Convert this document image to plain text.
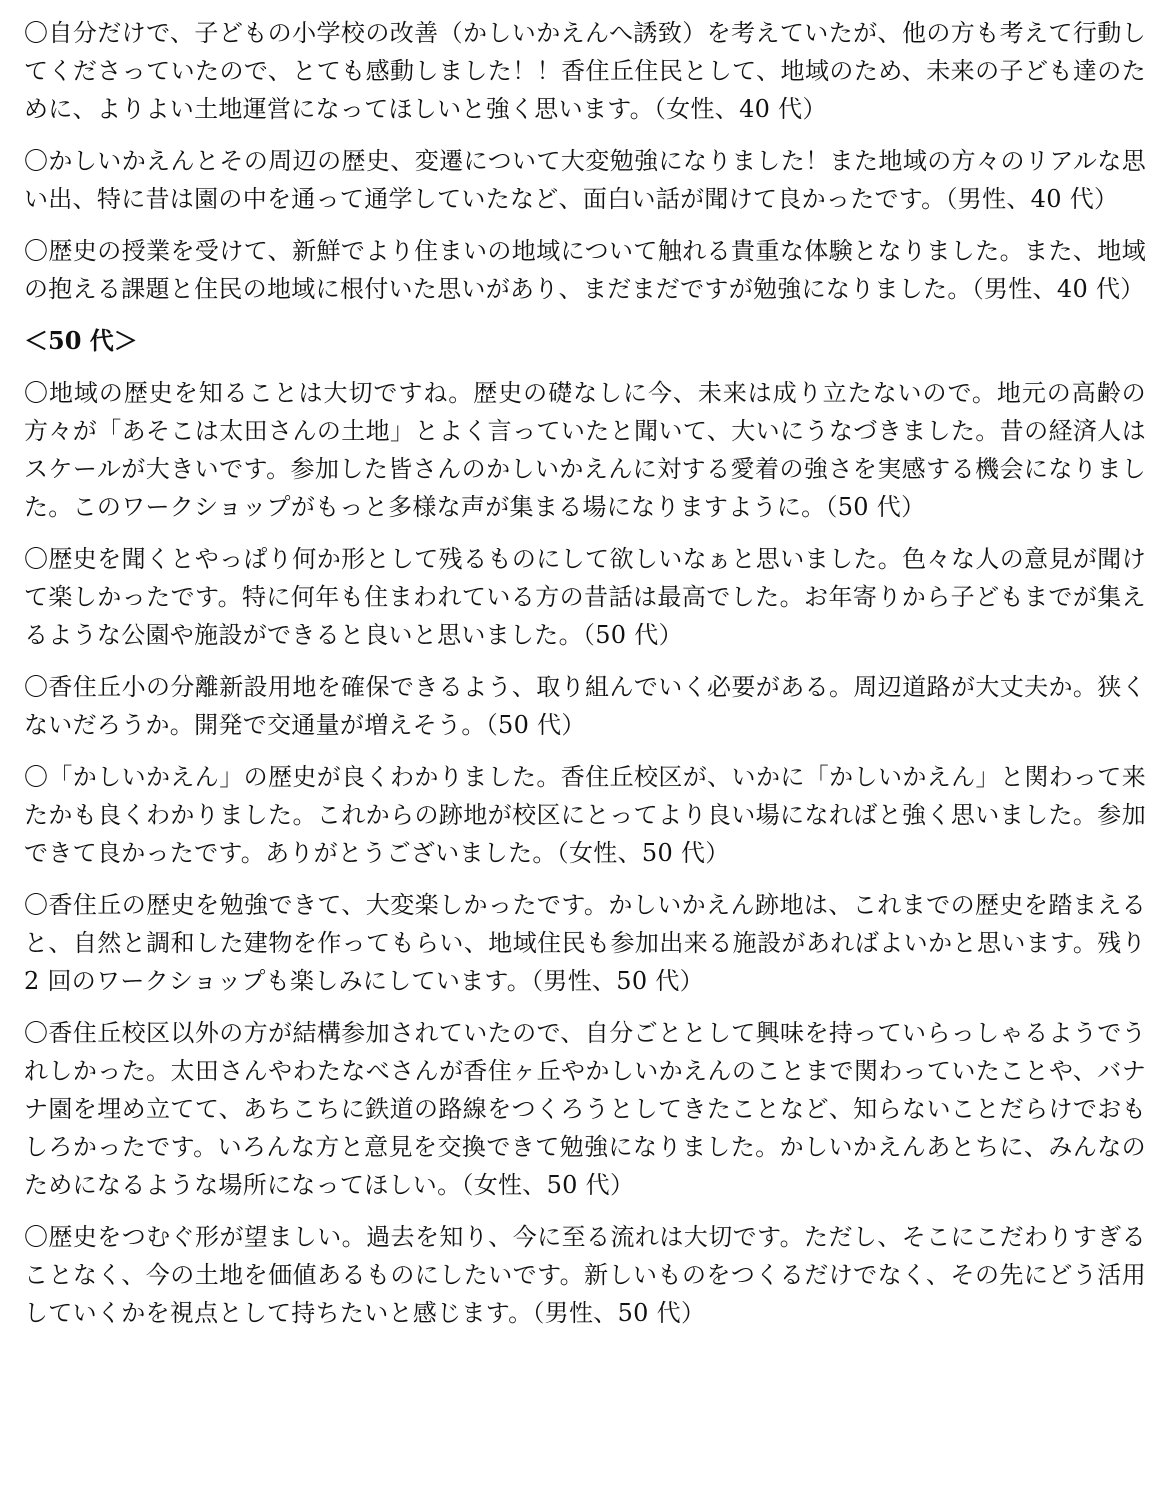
〇自分だけで、子どもの小学校の改善（かしいかえんへ誘致）を考えていたが、他の方も考えて行動してくださっていたので、とても感動しました！！香住丘住民として、地域のため、未来の子ども達のために、よりよい土地運営になってほしいと強く思います。（女性、40 代）

〇かしいかえんとその周辺の歴史、変遷について大変勉強になりました！また地域の方々のリアルな思い出、特に昔は園の中を通って通学していたなど、面白い話が聞けて良かったです。（男性、40 代）

〇歴史の授業を受けて、新鮮でより住まいの地域について触れる貴重な体験となりました。また、地域の抱える課題と住民の地域に根付いた思いがあり、まだまだですが勉強になりました。（男性、40 代）

＜50 代＞

〇地域の歴史を知ることは大切ですね。歴史の礎なしに今、未来は成り立たないので。地元の高齢の方々が「あそこは太田さんの土地」とよく言っていたと聞いて、大いにうなづきました。昔の経済人はスケールが大きいです。参加した皆さんのかしいかえんに対する愛着の強さを実感する機会になりました。このワークショップがもっと多様な声が集まる場になりますように。（50 代）

〇歴史を聞くとやっぱり何か形として残るものにして欲しいなぁと思いました。色々な人の意見が聞けて楽しかったです。特に何年も住まわれている方の昔話は最高でした。お年寄りから子どもまでが集えるような公園や施設ができると良いと思いました。（50 代）

〇香住丘小の分離新設用地を確保できるよう、取り組んでいく必要がある。周辺道路が大丈夫か。狭くないだろうか。開発で交通量が増えそう。（50 代）

〇「かしいかえん」の歴史が良くわかりました。香住丘校区が、いかに「かしいかえん」と関わって来たかも良くわかりました。これからの跡地が校区にとってより良い場になればと強く思いました。参加できて良かったです。ありがとうございました。（女性、50 代）

〇香住丘の歴史を勉強できて、大変楽しかったです。かしいかえん跡地は、これまでの歴史を踏まえると、自然と調和した建物を作ってもらい、地域住民も参加出来る施設があればよいかと思います。残り 2 回のワークショップも楽しみにしています。（男性、50 代）

〇香住丘校区以外の方が結構参加されていたので、自分ごととして興味を持っていらっしゃるようでうれしかった。太田さんやわたなべさんが香住ヶ丘やかしいかえんのことまで関わっていたことや、バナナ園を埋め立てて、あちこちに鉄道の路線をつくろうとしてきたことなど、知らないことだらけでおもしろかったです。いろんな方と意見を交換できて勉強になりました。かしいかえんあとちに、みんなのためになるような場所になってほしい。（女性、50 代）

〇歴史をつむぐ形が望ましい。過去を知り、今に至る流れは大切です。ただし、そこにこだわりすぎることなく、今の土地を価値あるものにしたいです。新しいものをつくるだけでなく、その先にどう活用していくかを視点として持ちたいと感じます。（男性、50 代）
